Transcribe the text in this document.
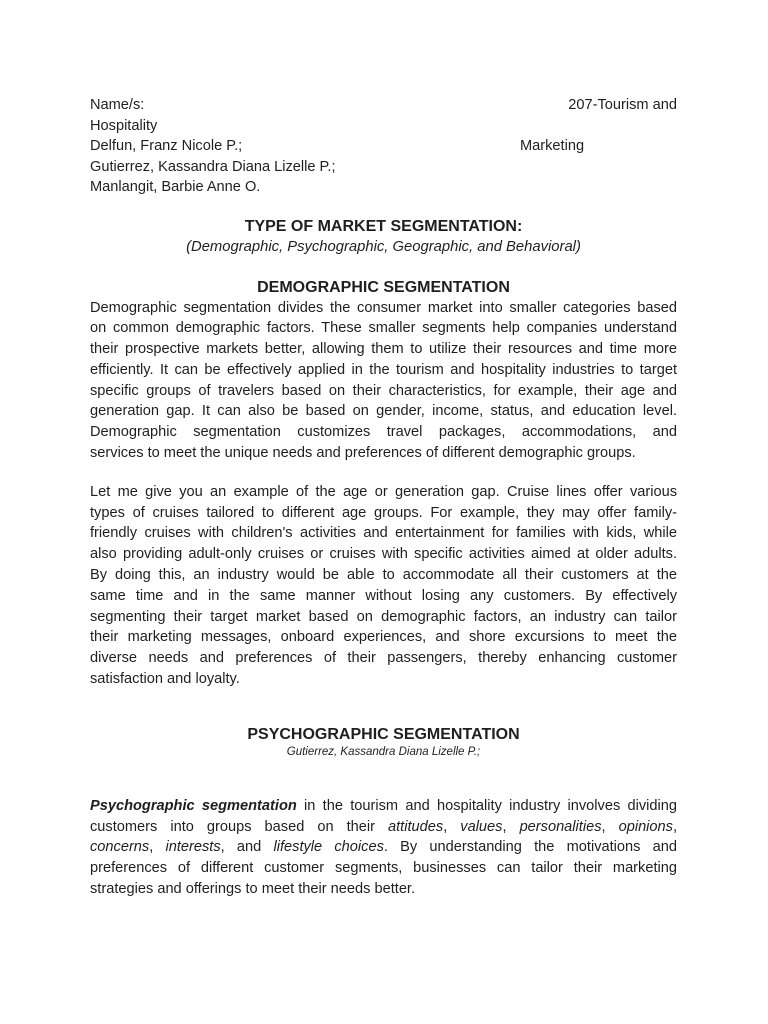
Name/s:	207-Tourism and
Hospitality
Delfun, Franz Nicole P.;	Marketing
Gutierrez, Kassandra Diana Lizelle P.;
Manlangit, Barbie Anne O.
TYPE OF MARKET SEGMENTATION:
(Demographic, Psychographic, Geographic, and Behavioral)
DEMOGRAPHIC SEGMENTATION
Demographic segmentation divides the consumer market into smaller categories based
on common demographic factors. These smaller segments help companies understand
their prospective markets better, allowing them to utilize their resources and time more
efficiently. It can be effectively applied in the tourism and hospitality industries to target
specific groups of travelers based on their characteristics, for example, their age and
generation gap. It can also be based on gender, income, status, and education level.
Demographic segmentation customizes travel packages, accommodations, and
services to meet the unique needs and preferences of different demographic groups.
Let me give you an example of the age or generation gap. Cruise lines offer various
types of cruises tailored to different age groups. For example, they may offer family-
friendly cruises with children's activities and entertainment for families with kids, while
also providing adult-only cruises or cruises with specific activities aimed at older adults.
By doing this, an industry would be able to accommodate all their customers at the
same time and in the same manner without losing any customers. By effectively
segmenting their target market based on demographic factors, an industry can tailor
their marketing messages, onboard experiences, and shore excursions to meet the
diverse needs and preferences of their passengers, thereby enhancing customer
satisfaction and loyalty.
PSYCHOGRAPHIC SEGMENTATION
Gutierrez, Kassandra Diana Lizelle P.;
Psychographic segmentation in the tourism and hospitality industry involves dividing
customers into groups based on their attitudes, values, personalities, opinions,
concerns, interests, and lifestyle choices. By understanding the motivations and
preferences of different customer segments, businesses can tailor their marketing
strategies and offerings to meet their needs better.
